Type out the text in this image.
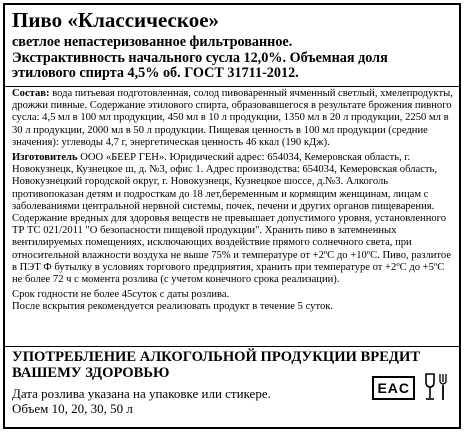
Пиво «Классическое»

светлое непастеризованное фильтрованное.
Экстрактивность начального сусла 12,0%. Объемная доля
этилового спирта 4,5% об. ГОСТ 31711-2012.

Состав: вода питьевая подготовленная, солод пивоваренный ячменный светлый, хмелепродукты, дрожжи пивные. Содержание этилового спирта, образовавшегося в результате брожения пивного сусла: 4,5 мл в 100 мл продукции, 450 мл в 10 л продукции, 1350 мл в 20 л продукции, 2250 мл в 30 л продукции, 2000 мл в 50 л продукции. Пищевая ценность в 100 мл продукции (средние значения): углеводы 4,7 г, энергетическая ценность 46 ккал (190 кДж).

Изготовитель ООО «БЕЕР ГЕН». Юридический адрес: 654034, Кемеровская область, г. Новокузнецк, Кузнецкое ш, д. №3, офис 1. Адрес производства: 654034, Кемеровская область, Новокузнецкий городской округ, г. Новокузнецк, Кузнецкое шоссе, д.№3. Алкоголь противопоказан детям и подросткам до 18 лет,беременным и кормящим женщинам, лицам с заболеваниями центральной нервной системы, почек, печени и других органов пищеварения. Содержание вредных для здоровья веществ не превышает допустимого уровня, установленного ТР ТС 021/2011 "О безопасности пищевой продукции". Хранить пиво в затемненных вентилируемых помещениях, исключающих воздействие прямого солнечного света, при относительной влажности воздуха не выше 75% и температуре от +2ºС до +10ºС. Пиво, разлитое в ПЭТ Ф бутылку в условиях торгового предприятия, хранить при температуре от +2ºС до +5ºС не более 72 ч с момента розлива (с учетом конечного срока реализации).

Срок годности не более 45суток с даты розлива.
После вскрытия рекомендуется реализовать продукт в течение 5 суток.

УПОТРЕБЛЕНИЕ АЛКОГОЛЬНОЙ ПРОДУКЦИИ ВРЕДИТ
ВАШЕМУ ЗДОРОВЬЮ

Дата розлива указана на упаковке или стикере.
Объем 10, 20, 30, 50 л

EAC
